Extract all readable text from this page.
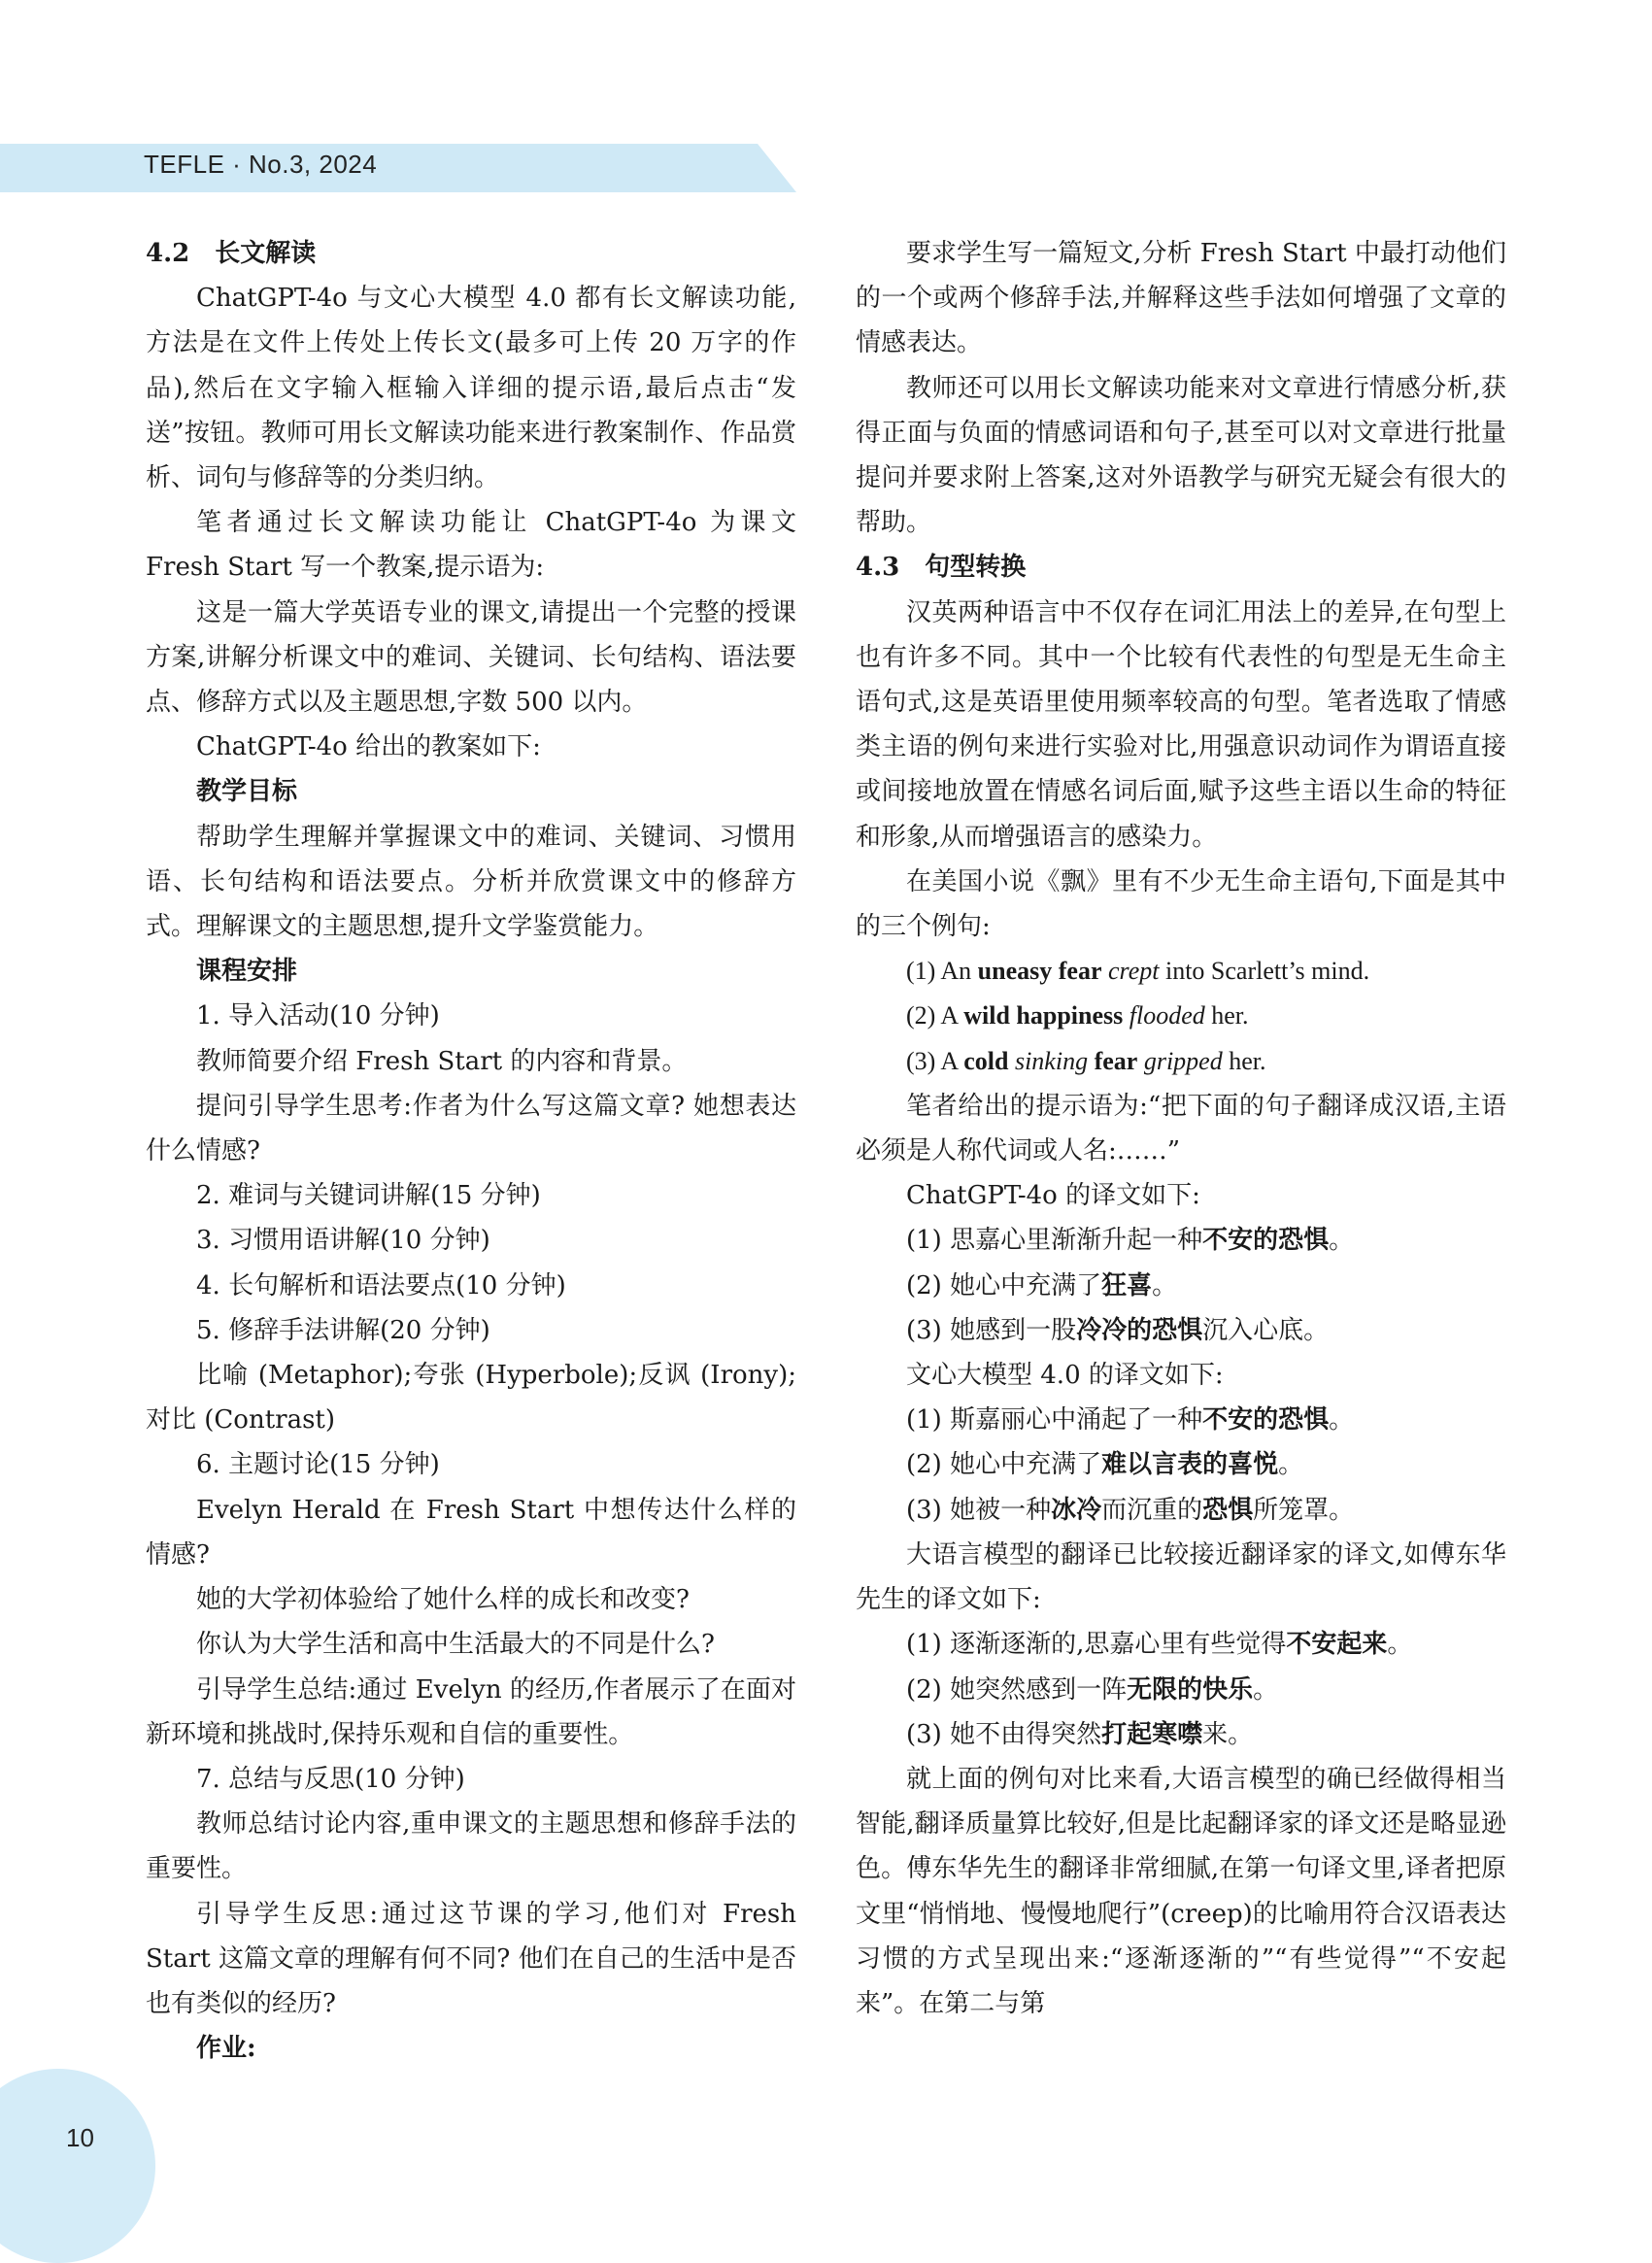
TEFLE · No.3, 2024
4.2　长文解读

ChatGPT-4o 与文心大模型 4.0 都有长文解读功能,方法是在文件上传处上传长文(最多可上传 20 万字的作品),然后在文字输入框输入详细的提示语,最后点击“发送”按钮。教师可用长文解读功能来进行教案制作、作品赏析、词句与修辞等的分类归纳。

笔者通过长文解读功能让 ChatGPT-4o 为课文 Fresh Start 写一个教案,提示语为:

这是一篇大学英语专业的课文,请提出一个完整的授课方案,讲解分析课文中的难词、关键词、长句结构、语法要点、修辞方式以及主题思想,字数 500 以内。

ChatGPT-4o 给出的教案如下:

教学目标

帮助学生理解并掌握课文中的难词、关键词、习惯用语、长句结构和语法要点。分析并欣赏课文中的修辞方式。理解课文的主题思想,提升文学鉴赏能力。

课程安排

1. 导入活动(10 分钟)

教师简要介绍 Fresh Start 的内容和背景。

提问引导学生思考:作者为什么写这篇文章? 她想表达什么情感?

2. 难词与关键词讲解(15 分钟)

3. 习惯用语讲解(10 分钟)

4. 长句解析和语法要点(10 分钟)

5. 修辞手法讲解(20 分钟)

比喻 (Metaphor);夸张 (Hyperbole);反讽 (Irony);对比 (Contrast)

6. 主题讨论(15 分钟)

Evelyn Herald 在 Fresh Start 中想传达什么样的情感?

她的大学初体验给了她什么样的成长和改变?

你认为大学生活和高中生活最大的不同是什么?

引导学生总结:通过 Evelyn 的经历,作者展示了在面对新环境和挑战时,保持乐观和自信的重要性。

7. 总结与反思(10 分钟)

教师总结讨论内容,重申课文的主题思想和修辞手法的重要性。

引导学生反思:通过这节课的学习,他们对 Fresh Start 这篇文章的理解有何不同? 他们在自己的生活中是否也有类似的经历?

作业:

要求学生写一篇短文,分析 Fresh Start 中最打动他们的一个或两个修辞手法,并解释这些手法如何增强了文章的情感表达。

教师还可以用长文解读功能来对文章进行情感分析,获得正面与负面的情感词语和句子,甚至可以对文章进行批量提问并要求附上答案,这对外语教学与研究无疑会有很大的帮助。

4.3　句型转换

汉英两种语言中不仅存在词汇用法上的差异,在句型上也有许多不同。其中一个比较有代表性的句型是无生命主语句式,这是英语里使用频率较高的句型。笔者选取了情感类主语的例句来进行实验对比,用强意识动词作为谓语直接或间接地放置在情感名词后面,赋予这些主语以生命的特征和形象,从而增强语言的感染力。

在美国小说《飘》里有不少无生命主语句,下面是其中的三个例句:

(1) An uneasy fear crept into Scarlett’s mind.

(2) A wild happiness flooded her.

(3) A cold sinking fear gripped her.

笔者给出的提示语为:“把下面的句子翻译成汉语,主语必须是人称代词或人名:……”

ChatGPT-4o 的译文如下:

(1) 思嘉心里渐渐升起一种不安的恐惧。

(2) 她心中充满了狂喜。

(3) 她感到一股冷冷的恐惧沉入心底。

文心大模型 4.0 的译文如下:

(1) 斯嘉丽心中涌起了一种不安的恐惧。

(2) 她心中充满了难以言表的喜悦。

(3) 她被一种冰冷而沉重的恐惧所笼罩。

大语言模型的翻译已比较接近翻译家的译文,如傅东华先生的译文如下:

(1) 逐渐逐渐的,思嘉心里有些觉得不安起来。

(2) 她突然感到一阵无限的快乐。

(3) 她不由得突然打起寒噤来。

就上面的例句对比来看,大语言模型的确已经做得相当智能,翻译质量算比较好,但是比起翻译家的译文还是略显逊色。傅东华先生的翻译非常细腻,在第一句译文里,译者把原文里“悄悄地、慢慢地爬行”(creep)的比喻用符合汉语表达习惯的方式呈现出来:“逐渐逐渐的”“有些觉得”“不安起来”。在第二与第

10
